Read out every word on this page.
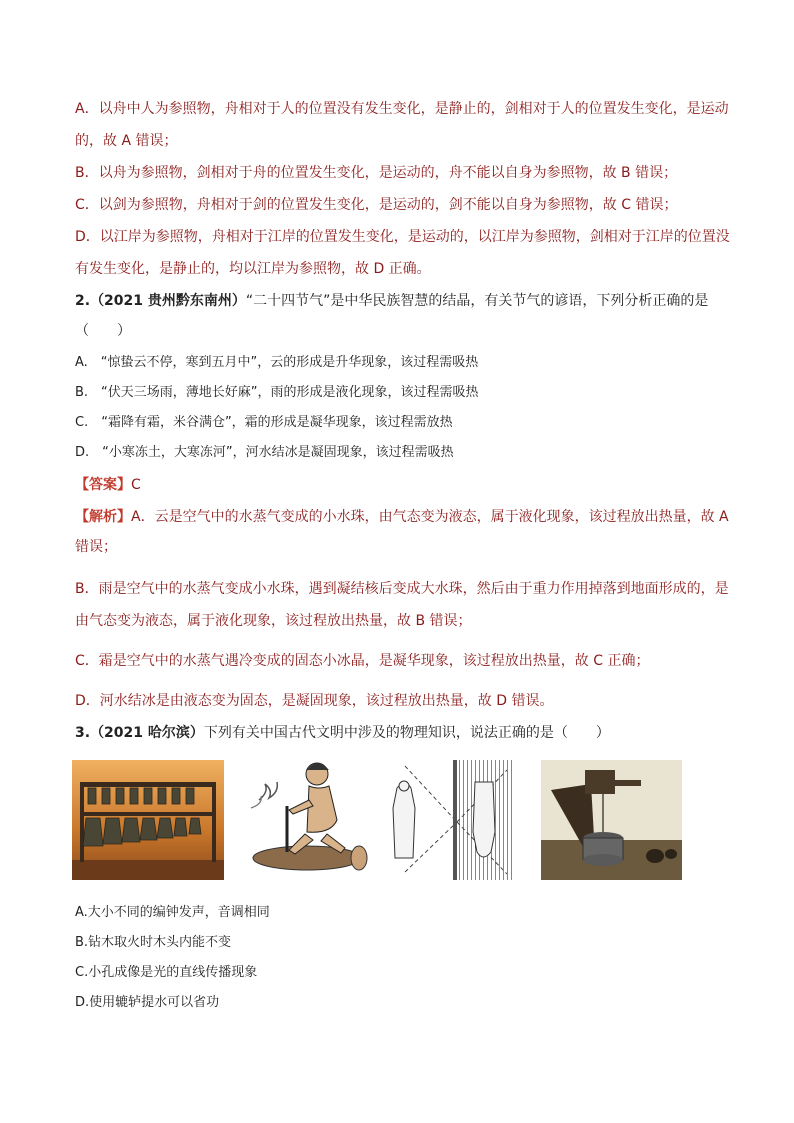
A．以舟中人为参照物，舟相对于人的位置没有发生变化，是静止的，剑相对于人的位置发生变化，是运动
的，故 A 错误；
B．以舟为参照物，剑相对于舟的位置发生变化，是运动的，舟不能以自身为参照物，故 B 错误；
C．以剑为参照物，舟相对于剑的位置发生变化，是运动的，剑不能以自身为参照物，故 C 错误；
D．以江岸为参照物，舟相对于江岸的位置发生变化，是运动的，以江岸为参照物，剑相对于江岸的位置没
有发生变化，是静止的，均以江岸为参照物，故 D 正确。
2.（2021 贵州黔东南州）“二十四节气”是中华民族智慧的结晶，有关节气的谚语，下列分析正确的是
（　　）
A.　“惊蛰云不停，寒到五月中”，云的形成是升华现象，该过程需吸热
B.　“伏天三场雨，薄地长好麻”，雨的形成是液化现象，该过程需吸热
C.　“霜降有霜，米谷满仓”，霜的形成是凝华现象，该过程需放热
D.　“小寒冻土，大寒冻河”，河水结冰是凝固现象，该过程需吸热
【答案】C
【解析】A．云是空气中的水蒸气变成的小水珠，由气态变为液态，属于液化现象，该过程放出热量，故 A
错误；
B．雨是空气中的水蒸气变成小水珠，遇到凝结核后变成大水珠，然后由于重力作用掉落到地面形成的，是
由气态变为液态，属于液化现象，该过程放出热量，故 B 错误；
C．霜是空气中的水蒸气遇冷变成的固态小冰晶，是凝华现象，该过程放出热量，故 C 正确；
D．河水结冰是由液态变为固态，是凝固现象，该过程放出热量，故 D 错误。
3.（2021 哈尔滨）下列有关中国古代文明中涉及的物理知识，说法正确的是（　　）
A.大小不同的编钟发声，音调相同
B.钻木取火时木头内能不变
C.小孔成像是光的直线传播现象
D.使用辘轳提水可以省功
